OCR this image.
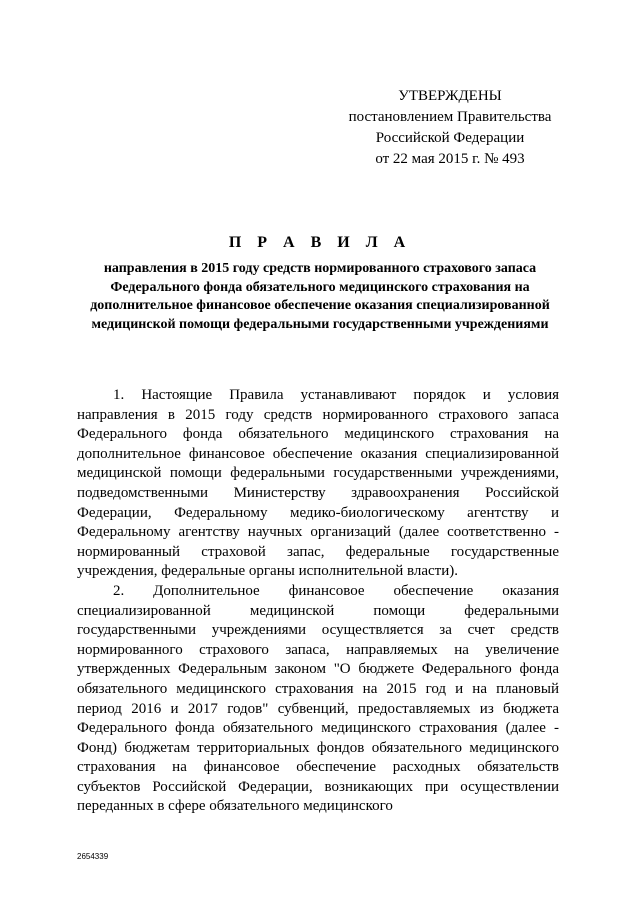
УТВЕРЖДЕНЫ
постановлением Правительства
Российской Федерации
от 22 мая 2015 г. № 493
П Р А В И Л А
направления в 2015 году средств нормированного страхового запаса Федерального фонда обязательного медицинского страхования на дополнительное финансовое обеспечение оказания специализированной медицинской помощи федеральными государственными учреждениями

1. Настоящие Правила устанавливают порядок и условия направления в 2015 году средств нормированного страхового запаса Федерального фонда обязательного медицинского страхования на дополнительное финансовое обеспечение оказания специализированной медицинской помощи федеральными государственными учреждениями, подведомственными Министерству здравоохранения Российской Федерации, Федеральному медико-биологическому агентству и Федеральному агентству научных организаций (далее соответственно - нормированный страховой запас, федеральные государственные учреждения, федеральные органы исполнительной власти).

2. Дополнительное финансовое обеспечение оказания специализированной медицинской помощи федеральными государственными учреждениями осуществляется за счет средств нормированного страхового запаса, направляемых на увеличение утвержденных Федеральным законом "О бюджете Федерального фонда обязательного медицинского страхования на 2015 год и на плановый период 2016 и 2017 годов" субвенций, предоставляемых из бюджета Федерального фонда обязательного медицинского страхования (далее - Фонд) бюджетам территориальных фондов обязательного медицинского страхования на финансовое обеспечение расходных обязательств субъектов Российской Федерации, возникающих при осуществлении переданных в сфере обязательного медицинского

2654339
